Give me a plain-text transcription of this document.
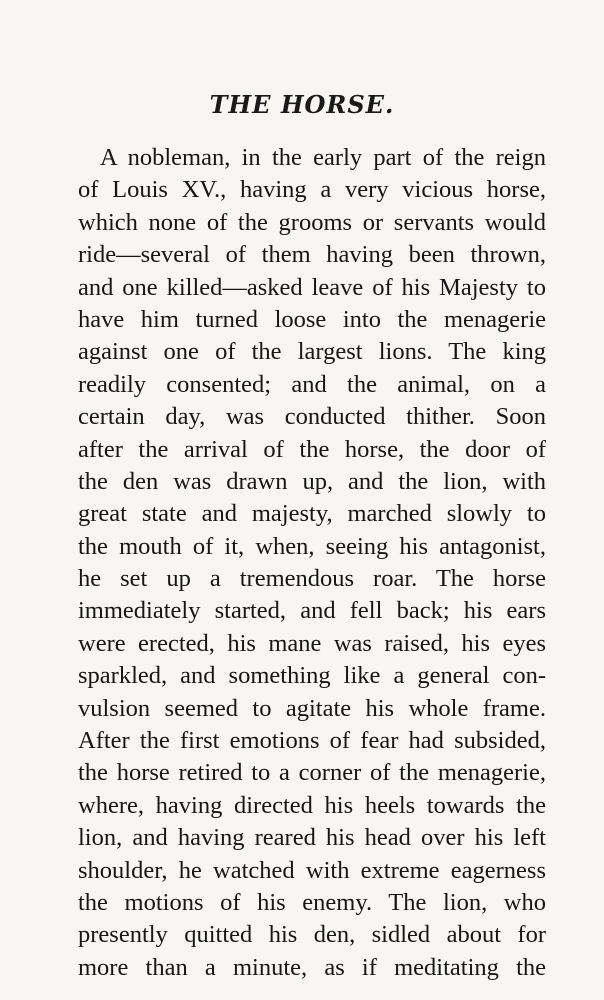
THE HORSE.
A nobleman, in the early part of the reign
of Louis XV., having a very vicious horse,
which none of the grooms or servants would
ride—several of them having been thrown,
and one killed—asked leave of his Majesty to
have him turned loose into the menagerie
against one of the largest lions. The king
readily consented; and the animal, on a
certain day, was conducted thither. Soon
after the arrival of the horse, the door of
the den was drawn up, and the lion, with
great state and majesty, marched slowly to
the mouth of it, when, seeing his antagonist,
he set up a tremendous roar. The horse
immediately started, and fell back; his ears
were erected, his mane was raised, his eyes
sparkled, and something like a general con-
vulsion seemed to agitate his whole frame.
After the first emotions of fear had subsided,
the horse retired to a corner of the menagerie,
where, having directed his heels towards the
lion, and having reared his head over his left
shoulder, he watched with extreme eagerness
the motions of his enemy. The lion, who
presently quitted his den, sidled about for
more than a minute, as if meditating the
